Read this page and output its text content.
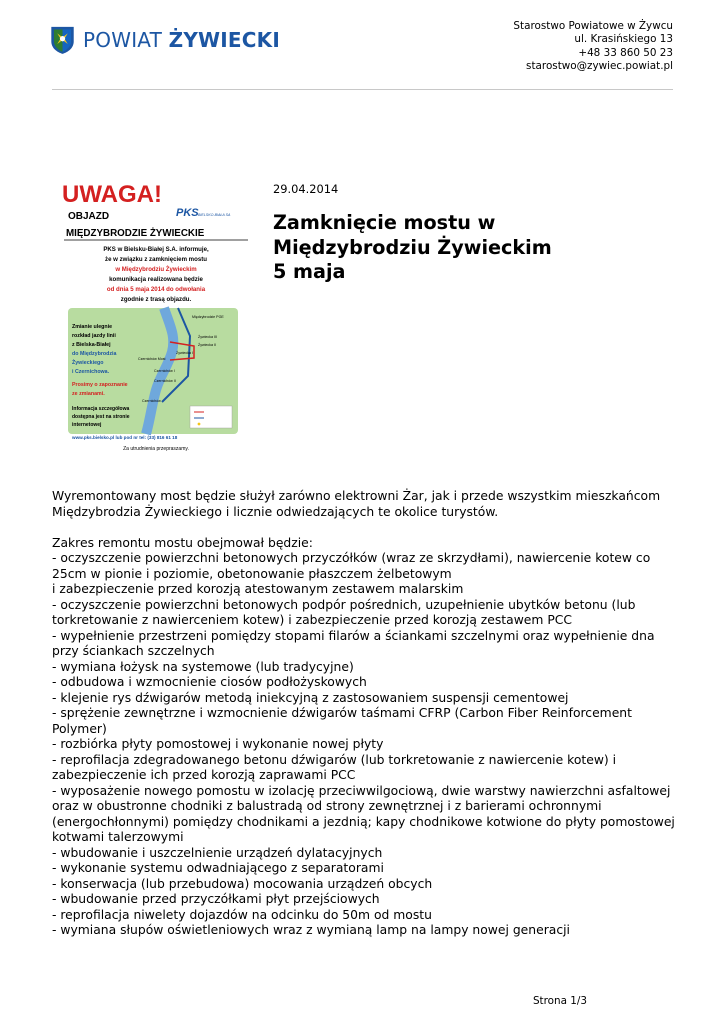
POWIAT ŻYWIECKI
Starostwo Powiatowe w Żywcu
ul. Krasińskiego 13
+48 33 860 50 23
starostwo@zywiec.powiat.pl
UWAGA!
PKS BIELSKO-BIAŁA SA
OBJAZD
MIĘDZYBRODZIE ŻYWIECKIE
PKS w Bielsku-Białej S.A. informuje,
że w związku z zamknięciem mostu
w Międzybrodziu Żywieckim
komunikacja realizowana będzie
od dnia 5 maja 2014 do odwołania
zgodnie z trasą objazdu.
Międzybrodzie PGE
Żywiecka III
Żywiecka II
Żywiecka I
Czernichów Most
Czernichów I
Czernichów II
Czernichów
Zmianie ulegnie
rozkład jazdy linii
z Bielska-Białej
do Międzybrodzia
Żywieckiego
i Czernichowa.
Prosimy o zapoznanie
ze zmianami.
Informacja szczegółowa
dostępna jest na stronie
internetowej
www.pks.bielsko.pl lub pod nr tel: (33) 816 61 18
Za utrudnienia przepraszamy.
29.04.2014
Zamknięcie mostu w Międzybrodziu Żywieckim 5 maja

Wyremontowany most będzie służył zarówno elektrowni Żar, jak i przede wszystkim mieszkańcom Międzybrodzia Żywieckiego i licznie odwiedzających te okolice turystów.

Zakres remontu mostu obejmował będzie:

- oczyszczenie powierzchni betonowych przyczółków (wraz ze skrzydłami), nawiercenie kotew co 25cm w pionie i poziomie, obetonowanie płaszczem żelbetowym

i zabezpieczenie przed korozją atestowanym zestawem malarskim

- oczyszczenie powierzchni betonowych podpór pośrednich, uzupełnienie ubytków betonu (lub torkretowanie z nawierceniem kotew) i zabezpieczenie przed korozją zestawem PCC

- wypełnienie przestrzeni pomiędzy stopami filarów a ściankami szczelnymi oraz wypełnienie dna przy ściankach szczelnych

- wymiana łożysk na systemowe (lub tradycyjne)

- odbudowa i wzmocnienie ciosów podłożyskowych

- klejenie rys dźwigarów metodą iniekcyjną z zastosowaniem suspensji cementowej

- sprężenie zewnętrzne i wzmocnienie dźwigarów taśmami CFRP (Carbon Fiber Reinforcement Polymer)

- rozbiórka płyty pomostowej i wykonanie nowej płyty

- reprofilacja zdegradowanego betonu dźwigarów (lub torkretowanie z nawiercenie kotew) i zabezpieczenie ich przed korozją zaprawami PCC

- wyposażenie nowego pomostu w izolację przeciwwilgociową, dwie warstwy nawierzchni asfaltowej oraz w obustronne chodniki z balustradą od strony zewnętrznej i z barierami ochronnymi (energochłonnymi) pomiędzy chodnikami a jezdnią; kapy chodnikowe kotwione do płyty pomostowej kotwami talerzowymi

- wbudowanie i uszczelnienie urządzeń dylatacyjnych

- wykonanie systemu odwadniającego z separatorami

- konserwacja (lub przebudowa) mocowania urządzeń obcych

- wbudowanie przed przyczółkami płyt przejściowych

- reprofilacja niwelety dojazdów na odcinku do 50m od mostu

- wymiana słupów oświetleniowych wraz z wymianą lamp na lampy nowej generacji

Strona 1/3
